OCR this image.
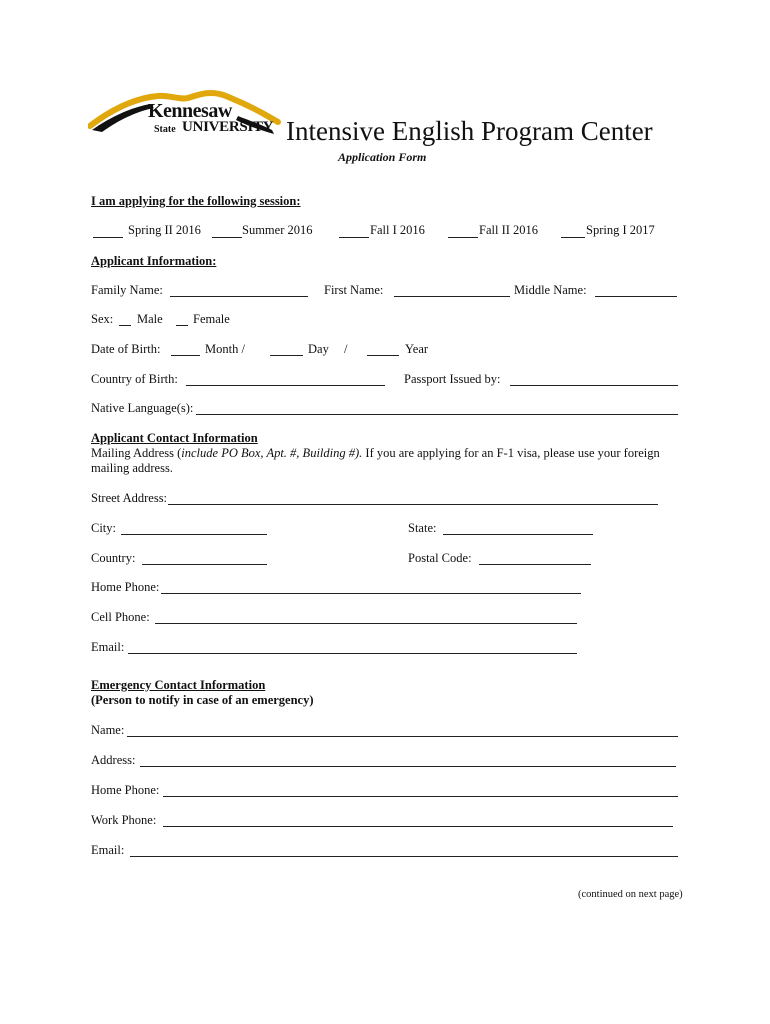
Kennesaw
State UNIVERSITY Intensive English Program Center
Application Form
I am applying for the following session:
Spring II 2016	Summer 2016	Fall I 2016	Fall II 2016	Spring I 2017
Applicant Information:
Family Name:	First Name:	Middle Name:
Sex: Male Female
Date of Birth:	Month /	Day /	Year
Country of Birth:	Passport Issued by:
Native Language(s):
Applicant Contact Information
Mailing Address (include PO Box, Apt. #, Building #). If you are applying for an F-1 visa, please use your foreign
mailing address.
Street Address:
City:	State:
Country:	Postal Code:
Home Phone:
Cell Phone:
Email:
Emergency Contact Information
(Person to notify in case of an emergency)
Name:
Address:
Home Phone:
Work Phone:
Email:
(continued on next page)
